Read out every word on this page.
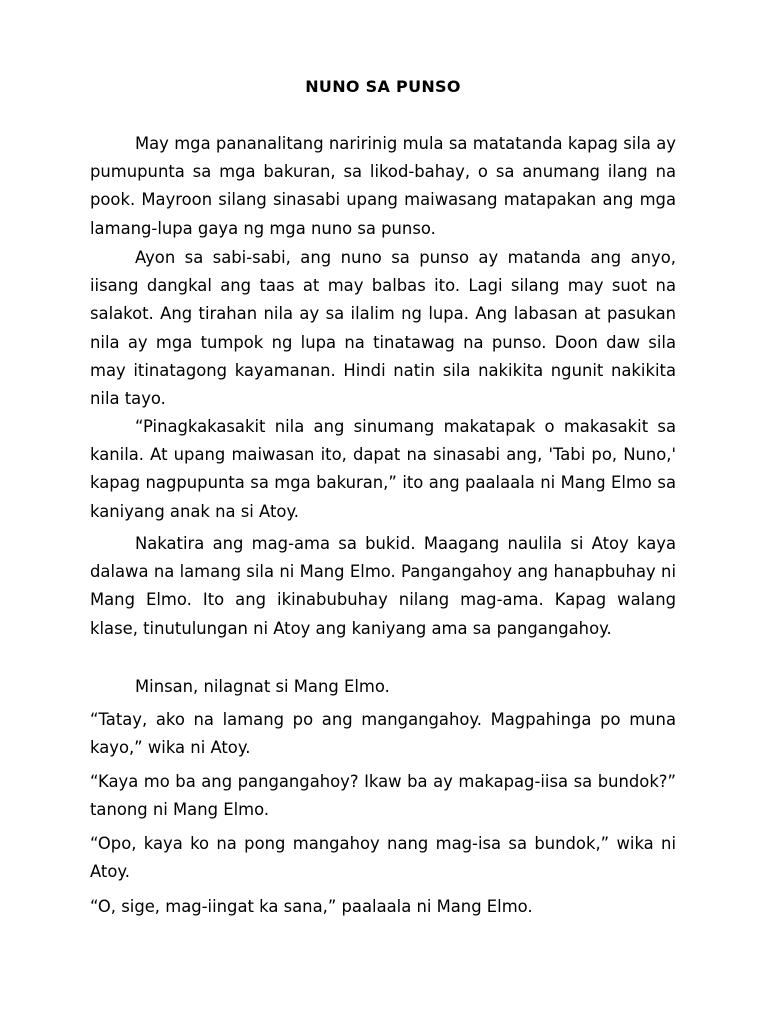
NUNO SA PUNSO

May mga pananalitang naririnig mula sa matatanda kapag sila ay pumupunta sa mga bakuran, sa likod-bahay, o sa anumang ilang na pook. Mayroon silang sinasabi upang maiwasang matapakan ang mga lamang-lupa gaya ng mga nuno sa punso.

Ayon sa sabi-sabi, ang nuno sa punso ay matanda ang anyo, iisang dangkal ang taas at may balbas ito. Lagi silang may suot na salakot. Ang tirahan nila ay sa ilalim ng lupa. Ang labasan at pasukan nila ay mga tumpok ng lupa na tinatawag na punso. Doon daw sila may itinatagong kayamanan. Hindi natin sila nakikita ngunit nakikita nila tayo.

“Pinagkakasakit nila ang sinumang makatapak o makasakit sa kanila. At upang maiwasan ito, dapat na sinasabi ang, 'Tabi po, Nuno,' kapag nagpupunta sa mga bakuran,” ito ang paalaala ni Mang Elmo sa kaniyang anak na si Atoy.

Nakatira ang mag-ama sa bukid. Maagang naulila si Atoy kaya dalawa na lamang sila ni Mang Elmo. Pangangahoy ang hanapbuhay ni Mang Elmo. Ito ang ikinabubuhay nilang mag-ama. Kapag walang klase, tinutulungan ni Atoy ang kaniyang ama sa pangangahoy.

Minsan, nilagnat si Mang Elmo.

“Tatay, ako na lamang po ang mangangahoy. Magpahinga po muna kayo,” wika ni Atoy.

“Kaya mo ba ang pangangahoy? Ikaw ba ay makapag-iisa sa bundok?” tanong ni Mang Elmo.

“Opo, kaya ko na pong mangahoy nang mag-isa sa bundok,” wika ni Atoy.

“O, sige, mag-iingat ka sana,” paalaala ni Mang Elmo.
